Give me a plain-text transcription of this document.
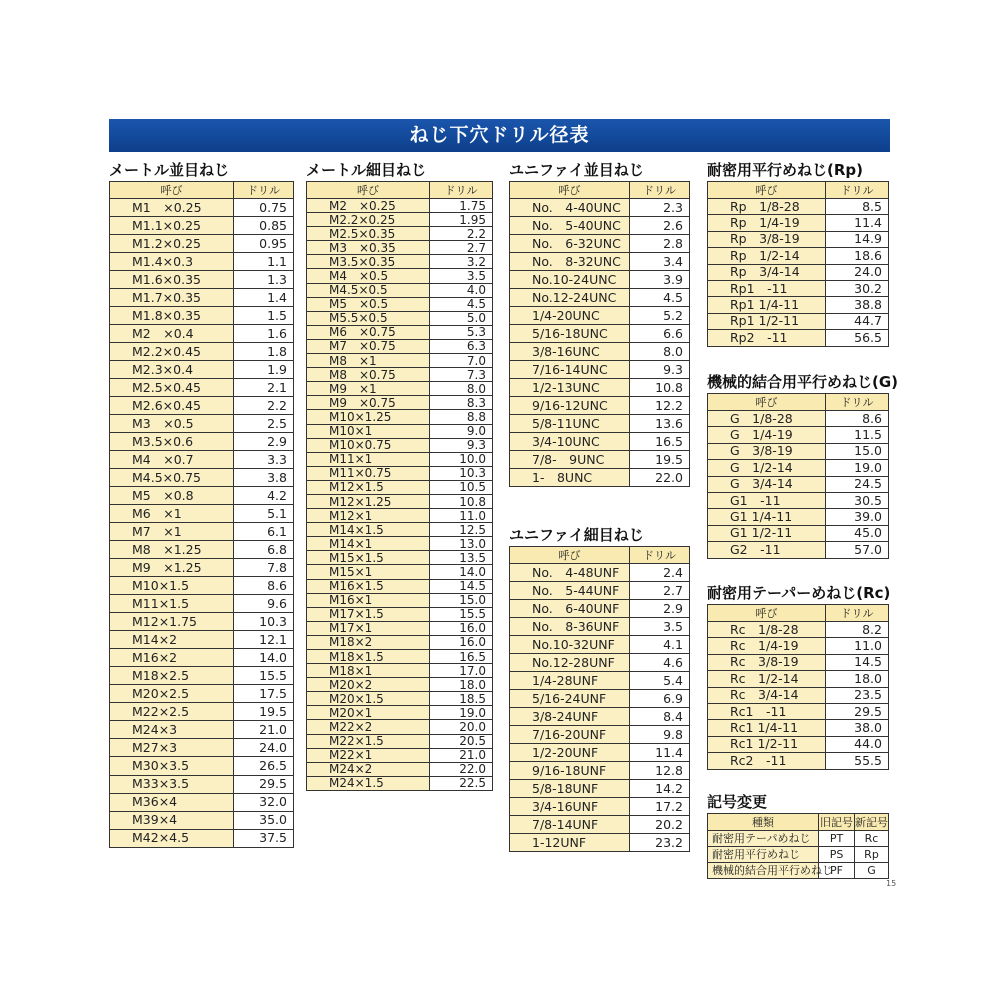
ねじ下穴ドリル径表
メートル並目ねじ
呼び	ドリル
M1　×0.25	0.75
M1.1×0.25	0.85
M1.2×0.25	0.95
M1.4×0.3	1.1
M1.6×0.35	1.3
M1.7×0.35	1.4
M1.8×0.35	1.5
M2　×0.4	1.6
M2.2×0.45	1.8
M2.3×0.4	1.9
M2.5×0.45	2.1
M2.6×0.45	2.2
M3　×0.5	2.5
M3.5×0.6	2.9
M4　×0.7	3.3
M4.5×0.75	3.8
M5　×0.8	4.2
M6　×1	5.1
M7　×1	6.1
M8　×1.25	6.8
M9　×1.25	7.8
M10×1.5	8.6
M11×1.5	9.6
M12×1.75	10.3
M14×2	12.1
M16×2	14.0
M18×2.5	15.5
M20×2.5	17.5
M22×2.5	19.5
M24×3	21.0
M27×3	24.0
M30×3.5	26.5
M33×3.5	29.5
M36×4	32.0
M39×4	35.0
M42×4.5	37.5
メートル細目ねじ
呼び	ドリル
M2　×0.25	1.75
M2.2×0.25	1.95
M2.5×0.35	2.2
M3　×0.35	2.7
M3.5×0.35	3.2
M4　×0.5	3.5
M4.5×0.5	4.0
M5　×0.5	4.5
M5.5×0.5	5.0
M6　×0.75	5.3
M7　×0.75	6.3
M8　×1	7.0
M8　×0.75	7.3
M9　×1	8.0
M9　×0.75	8.3
M10×1.25	8.8
M10×1	9.0
M10×0.75	9.3
M11×1	10.0
M11×0.75	10.3
M12×1.5	10.5
M12×1.25	10.8
M12×1	11.0
M14×1.5	12.5
M14×1	13.0
M15×1.5	13.5
M15×1	14.0
M16×1.5	14.5
M16×1	15.0
M17×1.5	15.5
M17×1	16.0
M18×2	16.0
M18×1.5	16.5
M18×1	17.0
M20×2	18.0
M20×1.5	18.5
M20×1	19.0
M22×2	20.0
M22×1.5	20.5
M22×1	21.0
M24×2	22.0
M24×1.5	22.5
ユニファイ並目ねじ
呼び	ドリル
No.　4-40UNC	2.3
No.　5-40UNC	2.6
No.　6-32UNC	2.8
No.　8-32UNC	3.4
No.10-24UNC	3.9
No.12-24UNC	4.5
1/4-20UNC	5.2
5/16-18UNC	6.6
3/8-16UNC	8.0
7/16-14UNC	9.3
1/2-13UNC	10.8
9/16-12UNC	12.2
5/8-11UNC	13.6
3/4-10UNC	16.5
7/8-　9UNC	19.5
1-　8UNC	22.0
ユニファイ細目ねじ
呼び	ドリル
No.　4-48UNF	2.4
No.　5-44UNF	2.7
No.　6-40UNF	2.9
No.　8-36UNF	3.5
No.10-32UNF	4.1
No.12-28UNF	4.6
1/4-28UNF	5.4
5/16-24UNF	6.9
3/8-24UNF	8.4
7/16-20UNF	9.8
1/2-20UNF	11.4
9/16-18UNF	12.8
5/8-18UNF	14.2
3/4-16UNF	17.2
7/8-14UNF	20.2
1-12UNF	23.2
耐密用平行めねじ(Rp)
呼び	ドリル
Rp　1/8-28	8.5
Rp　1/4-19	11.4
Rp　3/8-19	14.9
Rp　1/2-14	18.6
Rp　3/4-14	24.0
Rp1　-11	30.2
Rp1 1/4-11	38.8
Rp1 1/2-11	44.7
Rp2　-11	56.5
機械的結合用平行めねじ(G)
呼び	ドリル
G　1/8-28	8.6
G　1/4-19	11.5
G　3/8-19	15.0
G　1/2-14	19.0
G　3/4-14	24.5
G1　-11	30.5
G1 1/4-11	39.0
G1 1/2-11	45.0
G2　-11	57.0
耐密用テーパーめねじ(Rc)
呼び	ドリル
Rc　1/8-28	8.2
Rc　1/4-19	11.0
Rc　3/8-19	14.5
Rc　1/2-14	18.0
Rc　3/4-14	23.5
Rc1　-11	29.5
Rc1 1/4-11	38.0
Rc1 1/2-11	44.0
Rc2　-11	55.5
記号変更
種類	旧記号	新記号
耐密用テーパめねじ	PT	Rc
耐密用平行めねじ	PS	Rp
機械的結合用平行めねじ	PF	G
15
